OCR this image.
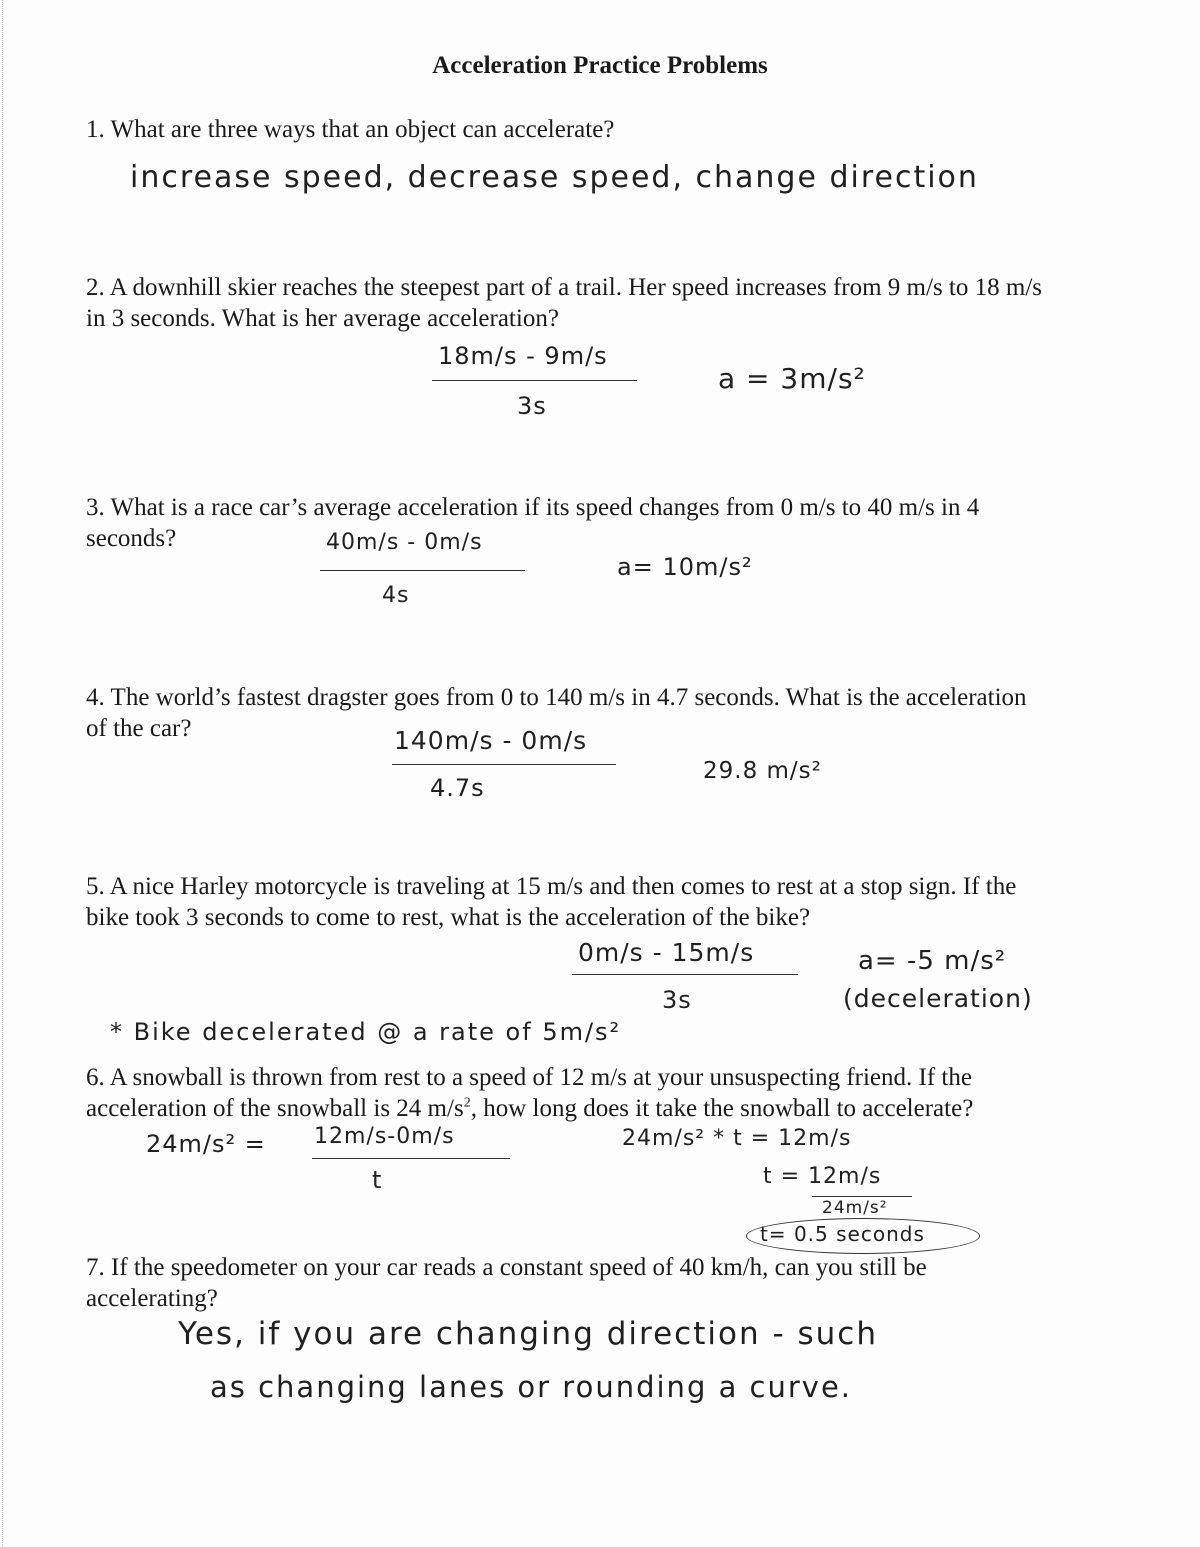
Acceleration Practice Problems
1. What are three ways that an object can accelerate?
increase speed, decrease speed, change direction
2. A downhill skier reaches the steepest part of a trail. Her speed increases from 9 m/s to 18 m/s
in 3 seconds. What is her average acceleration?
18m/s - 9m/s
3s
a = 3m/s²
3. What is a race car’s average acceleration if its speed changes from 0 m/s to 40 m/s in 4
seconds?	40m/s - 0m/s
4s
a= 10m/s²
4. The world’s fastest dragster goes from 0 to 140 m/s in 4.7 seconds. What is the acceleration
of the car?	140m/s - 0m/s
4.7s
29.8 m/s²
5. A nice Harley motorcycle is traveling at 15 m/s and then comes to rest at a stop sign. If the
bike took 3 seconds to come to rest, what is the acceleration of the bike?
0m/s - 15m/s
3s
a= -5 m/s²
(deceleration)
* Bike decelerated @ a rate of 5m/s²
6. A snowball is thrown from rest to a speed of 12 m/s at your unsuspecting friend. If the
acceleration of the snowball is 24 $m/s^2$, how long does it take the snowball to accelerate?
24m/s² = 12m/s-0m/s
t
24m/s² * t = 12m/s
t = 12m/s
24m/s²
t= 0.5 seconds
7. If the speedometer on your car reads a constant speed of 40 km/h, can you still be
accelerating?
Yes, if you are changing direction - such
as changing lanes or rounding a curve.
